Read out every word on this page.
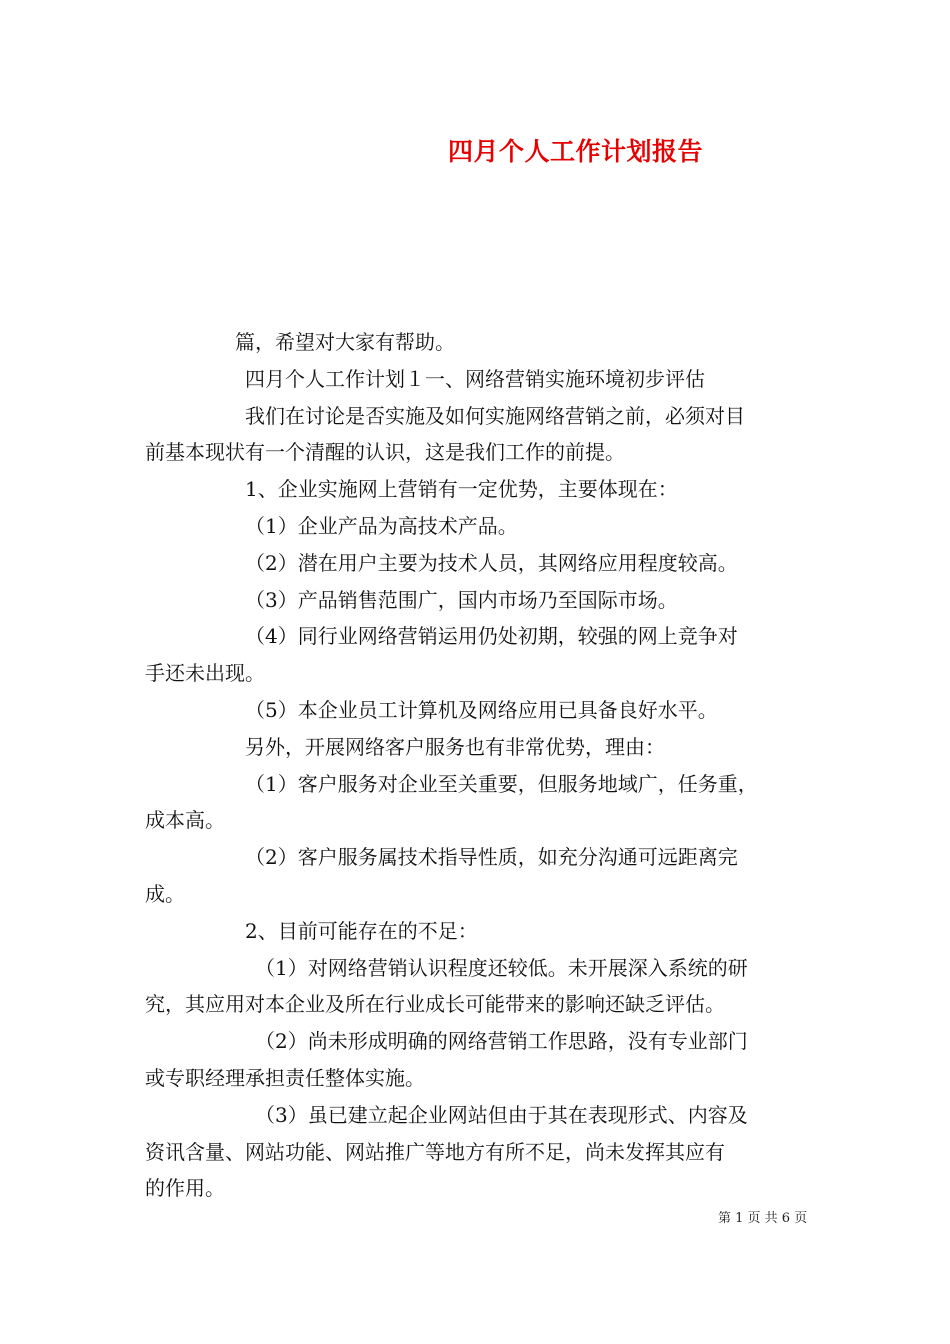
四月个人工作计划报告

篇，希望对大家有帮助。

四月个人工作计划１一、网络营销实施环境初步评估

我们在讨论是否实施及如何实施网络营销之前，必须对目

前基本现状有一个清醒的认识，这是我们工作的前提。

1、企业实施网上营销有一定优势，主要体现在：

（1）企业产品为高技术产品。

（2）潜在用户主要为技术人员，其网络应用程度较高。

（3）产品销售范围广，国内市场乃至国际市场。

（4）同行业网络营销运用仍处初期，较强的网上竞争对

手还未出现。

（5）本企业员工计算机及网络应用已具备良好水平。

另外，开展网络客户服务也有非常优势，理由：

（1）客户服务对企业至关重要，但服务地域广，任务重，

成本高。

（2）客户服务属技术指导性质，如充分沟通可远距离完

成。

2、目前可能存在的不足：

（1）对网络营销认识程度还较低。未开展深入系统的研

究，其应用对本企业及所在行业成长可能带来的影响还缺乏评估。

（2）尚未形成明确的网络营销工作思路，没有专业部门

或专职经理承担责任整体实施。

（3）虽已建立起企业网站但由于其在表现形式、内容及

资讯含量、网站功能、网站推广等地方有所不足，尚未发挥其应有

的作用。

第 1 页 共 6 页
